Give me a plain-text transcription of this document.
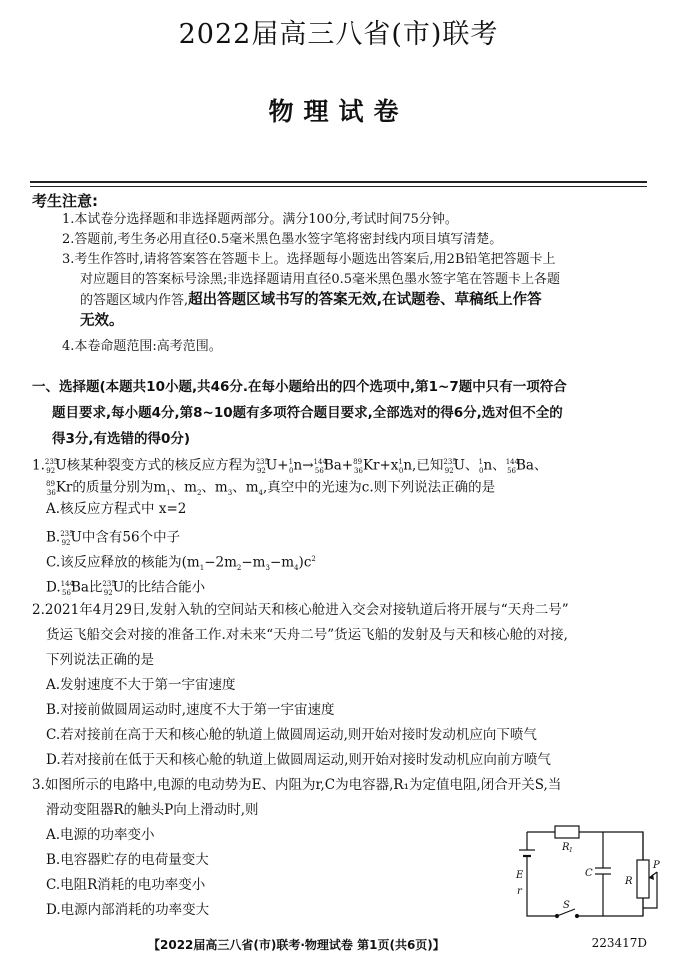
2022届高三八省(市)联考
物理试卷
考生注意:
1.本试卷分选择题和非选择题两部分。满分100分,考试时间75分钟。
2.答题前,考生务必用直径0.5毫米黑色墨水签字笔将密封线内项目填写清楚。
3.考生作答时,请将答案答在答题卡上。选择题每小题选出答案后,用2B铅笔把答题卡上
对应题目的答案标号涂黑;非选择题请用直径0.5毫米黑色墨水签字笔在答题卡上各题
的答题区域内作答,超出答题区域书写的答案无效,在试题卷、草稿纸上作答
无效。
4.本卷命题范围:高考范围。
一、选择题(本题共10小题,共46分.在每小题给出的四个选项中,第1~7题中只有一项符合
题目要求,每小题4分,第8~10题有多项符合题目要求,全部选对的得6分,选对但不全的
得3分,有选错的得0分)
1.$^{235}_{92}$U核某种裂变方式的核反应方程为$^{235}_{92}U+^1_0n\to^{144}_{56}Ba+^{89}_{36}Kr+x^1_0n$,已知$^{235}_{92}$U、$^1_0$n、$^{144}_{56}$Ba、
$^{89}_{36}$Kr的质量分别为$m_1$、$m_2$、$m_3$、$m_4$,真空中的光速为c.则下列说法正确的是
A.核反应方程式中 x=2
B.$^{235}_{92}$U中含有56个中子
C.该反应释放的核能为$(m_1-2m_2-m_3-m_4)c^2$
D.$^{144}_{56}$Ba比$^{235}_{92}$U的比结合能小
2.2021年4月29日,发射入轨的空间站天和核心舱进入交会对接轨道后将开展与“天舟二号”
货运飞船交会对接的准备工作.对未来“天舟二号”货运飞船的发射及与天和核心舱的对接,
下列说法正确的是
A.发射速度不大于第一宇宙速度
B.对接前做圆周运动时,速度不大于第一宇宙速度
C.若对接前在高于天和核心舱的轨道上做圆周运动,则开始对接时发动机应向下喷气
D.若对接前在低于天和核心舱的轨道上做圆周运动,则开始对接时发动机应向前方喷气
3.如图所示的电路中,电源的电动势为E、内阻为r,C为电容器,R₁为定值电阻,闭合开关S,当
滑动变阻器R的触头P向上滑动时,则
A.电源的功率变小
B.电容器贮存的电荷量变大
C.电阻R消耗的电功率变小
D.电源内部消耗的功率变大
R 1
E
r
C
R
P
S
【2022届高三八省(市)联考·物理试卷 第1页(共6页)】	223417D
